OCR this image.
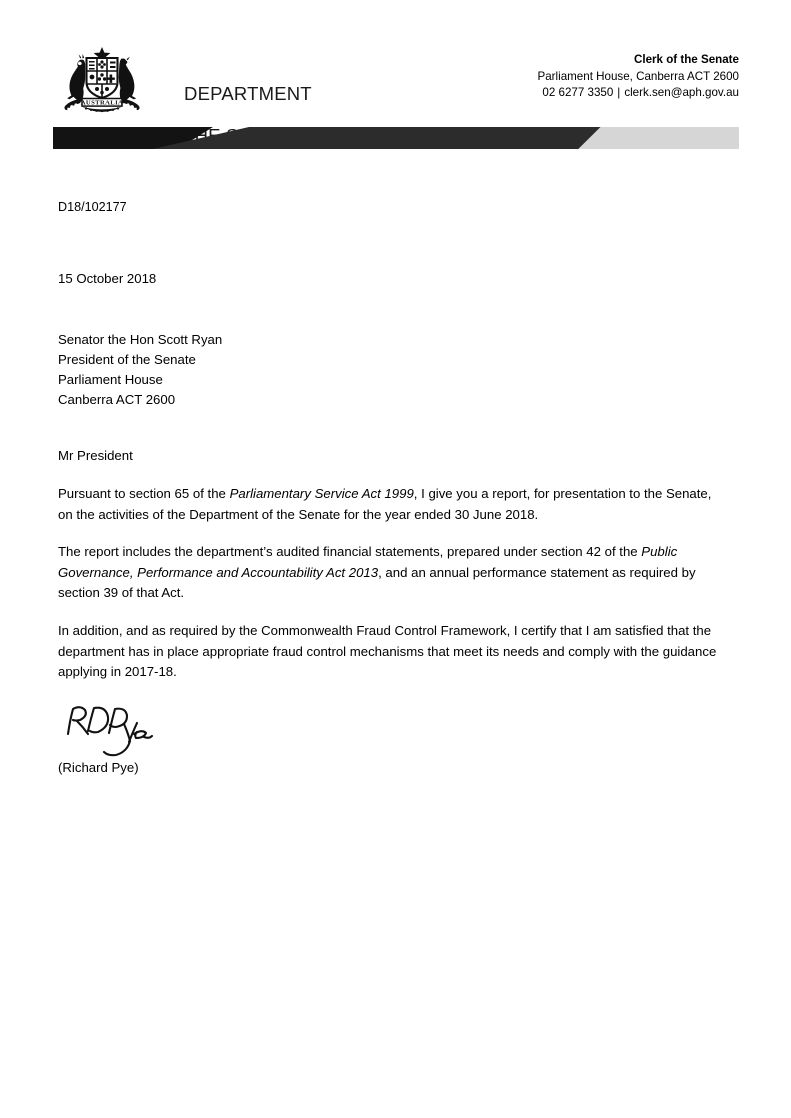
AUSTRALIA	DEPARTMENT

Clerk of the Senate
Parliament House, Canberra ACT 2600
02 6277 3350 | clerk.sen@aph.gov.au
D18/102177
15 October 2018
Senator the Hon Scott Ryan
President of the Senate
Parliament House
Canberra ACT 2600
Mr President

Pursuant to section 65 of the Parliamentary Service Act 1999, I give you a report, for presentation to the Senate, on the activities of the Department of the Senate for the year ended 30 June 2018.

The report includes the department’s audited financial statements, prepared under section 42 of the Public Governance, Performance and Accountability Act 2013, and an annual performance statement as required by section 39 of that Act.

In addition, and as required by the Commonwealth Fraud Control Framework, I certify that I am satisfied that the department has in place appropriate fraud control mechanisms that meet its needs and comply with the guidance applying in 2017-18.

(Richard Pye)
